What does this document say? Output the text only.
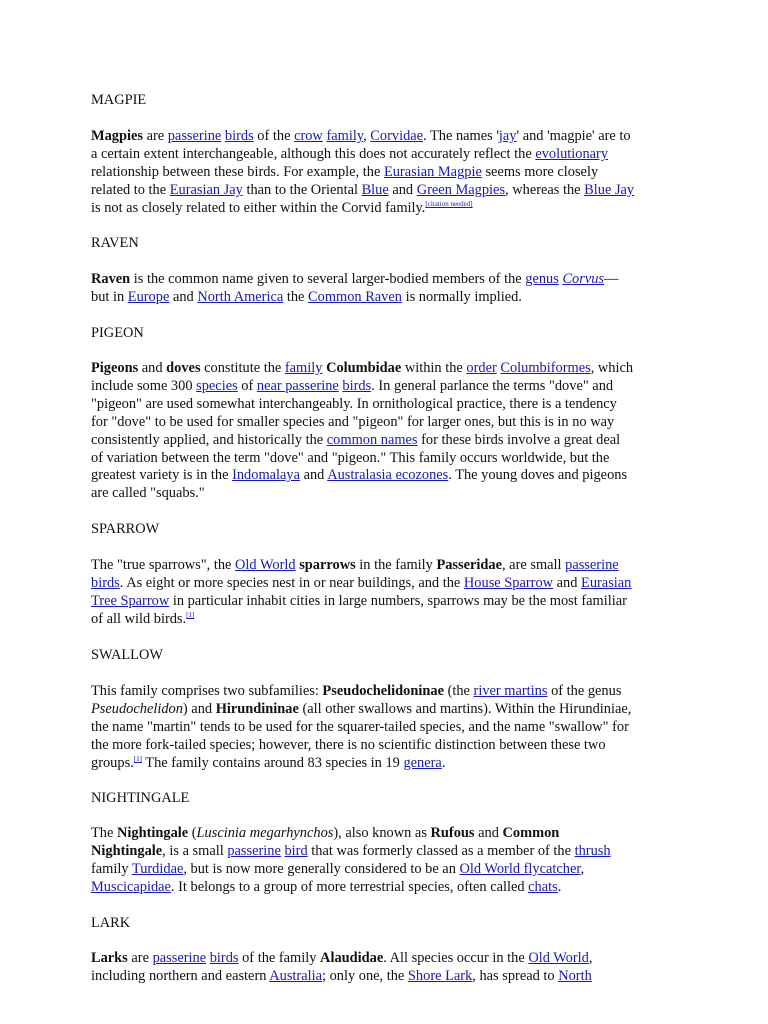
MAGPIE
Magpies are passerine birds of the crow family, Corvidae. The names 'jay' and 'magpie' are to
a certain extent interchangeable, although this does not accurately reflect the evolutionary
relationship between these birds. For example, the Eurasian Magpie seems more closely
related to the Eurasian Jay than to the Oriental Blue and Green Magpies, whereas the Blue Jay
is not as closely related to either within the Corvid family.[citation needed]
RAVEN
Raven is the common name given to several larger-bodied members of the genus Corvus—
but in Europe and North America the Common Raven is normally implied.
PIGEON
Pigeons and doves constitute the family Columbidae within the order Columbiformes, which
include some 300 species of near passerine birds. In general parlance the terms "dove" and
"pigeon" are used somewhat interchangeably. In ornithological practice, there is a tendency
for "dove" to be used for smaller species and "pigeon" for larger ones, but this is in no way
consistently applied, and historically the common names for these birds involve a great deal
of variation between the term "dove" and "pigeon." This family occurs worldwide, but the
greatest variety is in the Indomalaya and Australasia ecozones. The young doves and pigeons
are called "squabs."
SPARROW
The "true sparrows", the Old World sparrows in the family Passeridae, are small passerine
birds. As eight or more species nest in or near buildings, and the House Sparrow and Eurasian
Tree Sparrow in particular inhabit cities in large numbers, sparrows may be the most familiar
of all wild birds.[1]
SWALLOW
This family comprises two subfamilies: Pseudochelidoninae (the river martins of the genus
Pseudochelidon) and Hirundininae (all other swallows and martins). Within the Hirundiniae,
the name "martin" tends to be used for the squarer-tailed species, and the name "swallow" for
the more fork-tailed species; however, there is no scientific distinction between these two
groups.[1] The family contains around 83 species in 19 genera.
NIGHTINGALE
The Nightingale (Luscinia megarhynchos), also known as Rufous and Common
Nightingale, is a small passerine bird that was formerly classed as a member of the thrush
family Turdidae, but is now more generally considered to be an Old World flycatcher,
Muscicapidae. It belongs to a group of more terrestrial species, often called chats.
LARK
Larks are passerine birds of the family Alaudidae. All species occur in the Old World,
including northern and eastern Australia; only one, the Shore Lark, has spread to North
